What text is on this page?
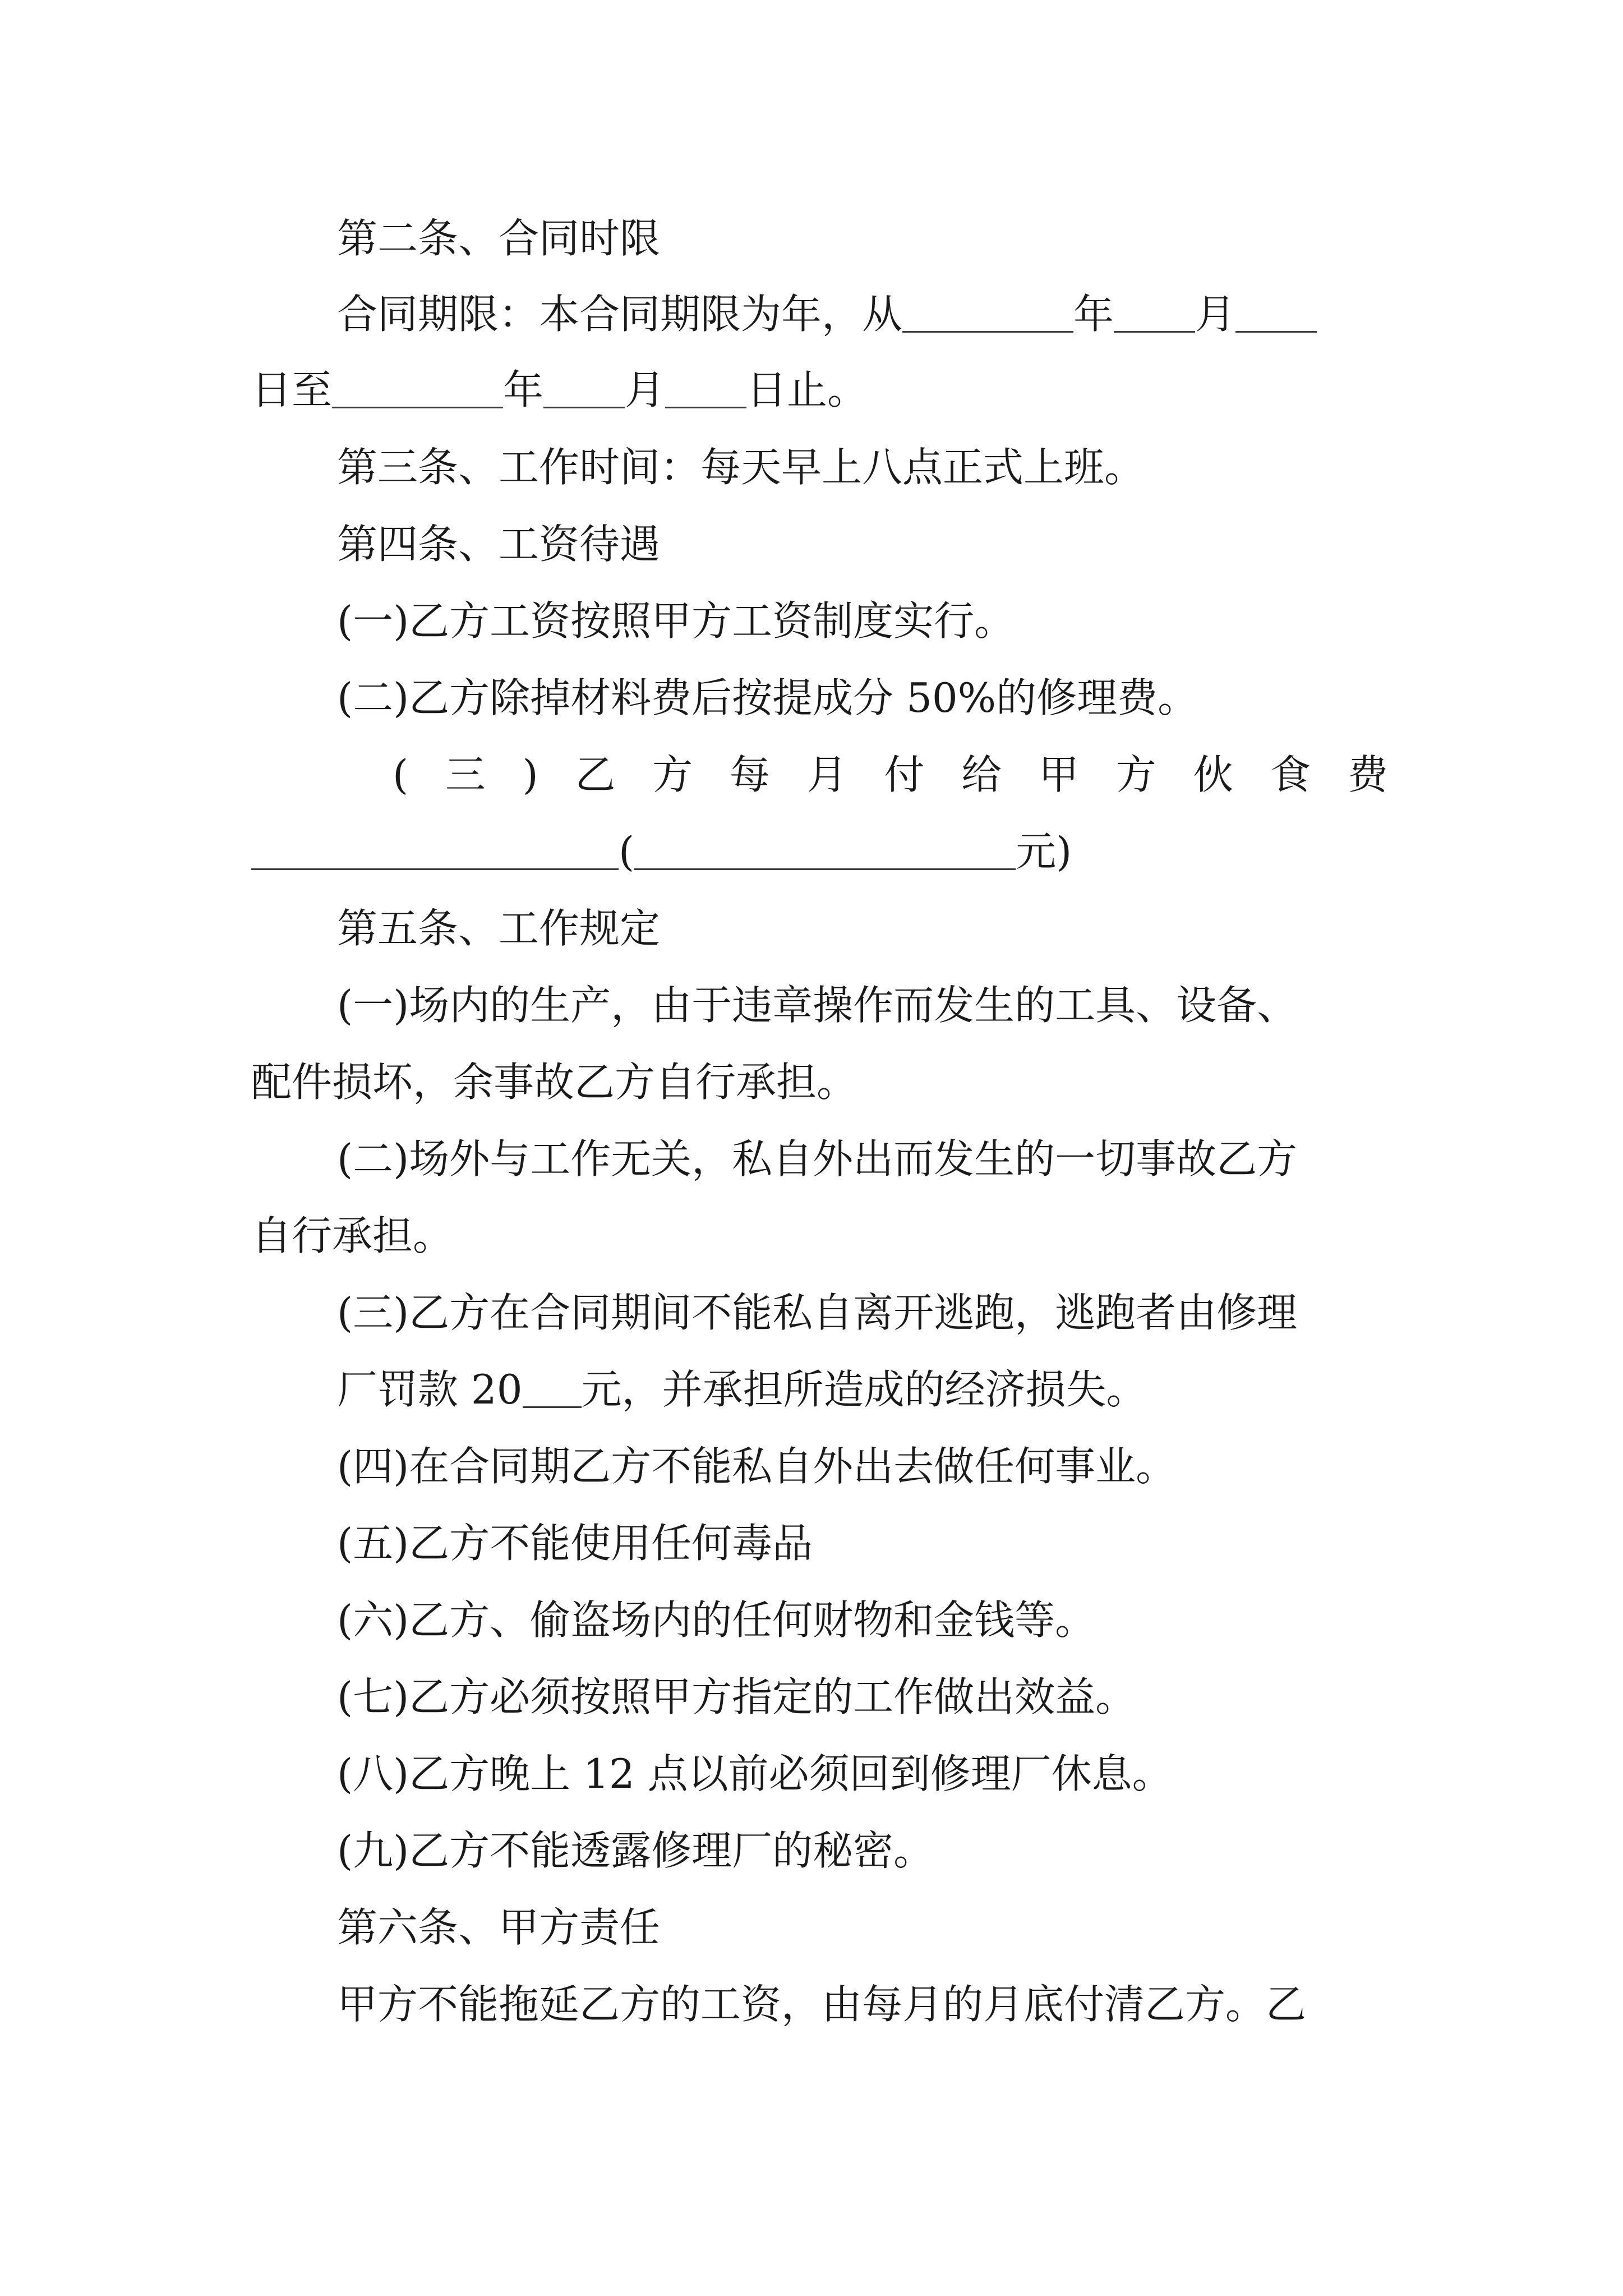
第二条、合同时限
合同期限：本合同期限为年，从	年 月
日至	年 月 日止。
第三条、工作时间：每天早上八点正式上班。
第四条、工资待遇
(一)乙方工资按照甲方工资制度实行。
(二)乙方除掉材料费后按提成分 50%的修理费。
( 三 ) 乙 方 每 月 付 给 甲 方 伙 食 费
(	元)
第五条、工作规定
(一)场内的生产，由于违章操作而发生的工具、设备、
配件损坏，余事故乙方自行承担。
(二)场外与工作无关，私自外出而发生的一切事故乙方
自行承担。
(三)乙方在合同期间不能私自离开逃跑，逃跑者由修理
厂罚款 20 元，并承担所造成的经济损失。
(四)在合同期乙方不能私自外出去做任何事业。
(五)乙方不能使用任何毒品
(六)乙方、偷盗场内的任何财物和金钱等。
(七)乙方必须按照甲方指定的工作做出效益。
(八)乙方晚上 12 点以前必须回到修理厂休息。
(九)乙方不能透露修理厂的秘密。
第六条、甲方责任
甲方不能拖延乙方的工资，由每月的月底付清乙方。乙
